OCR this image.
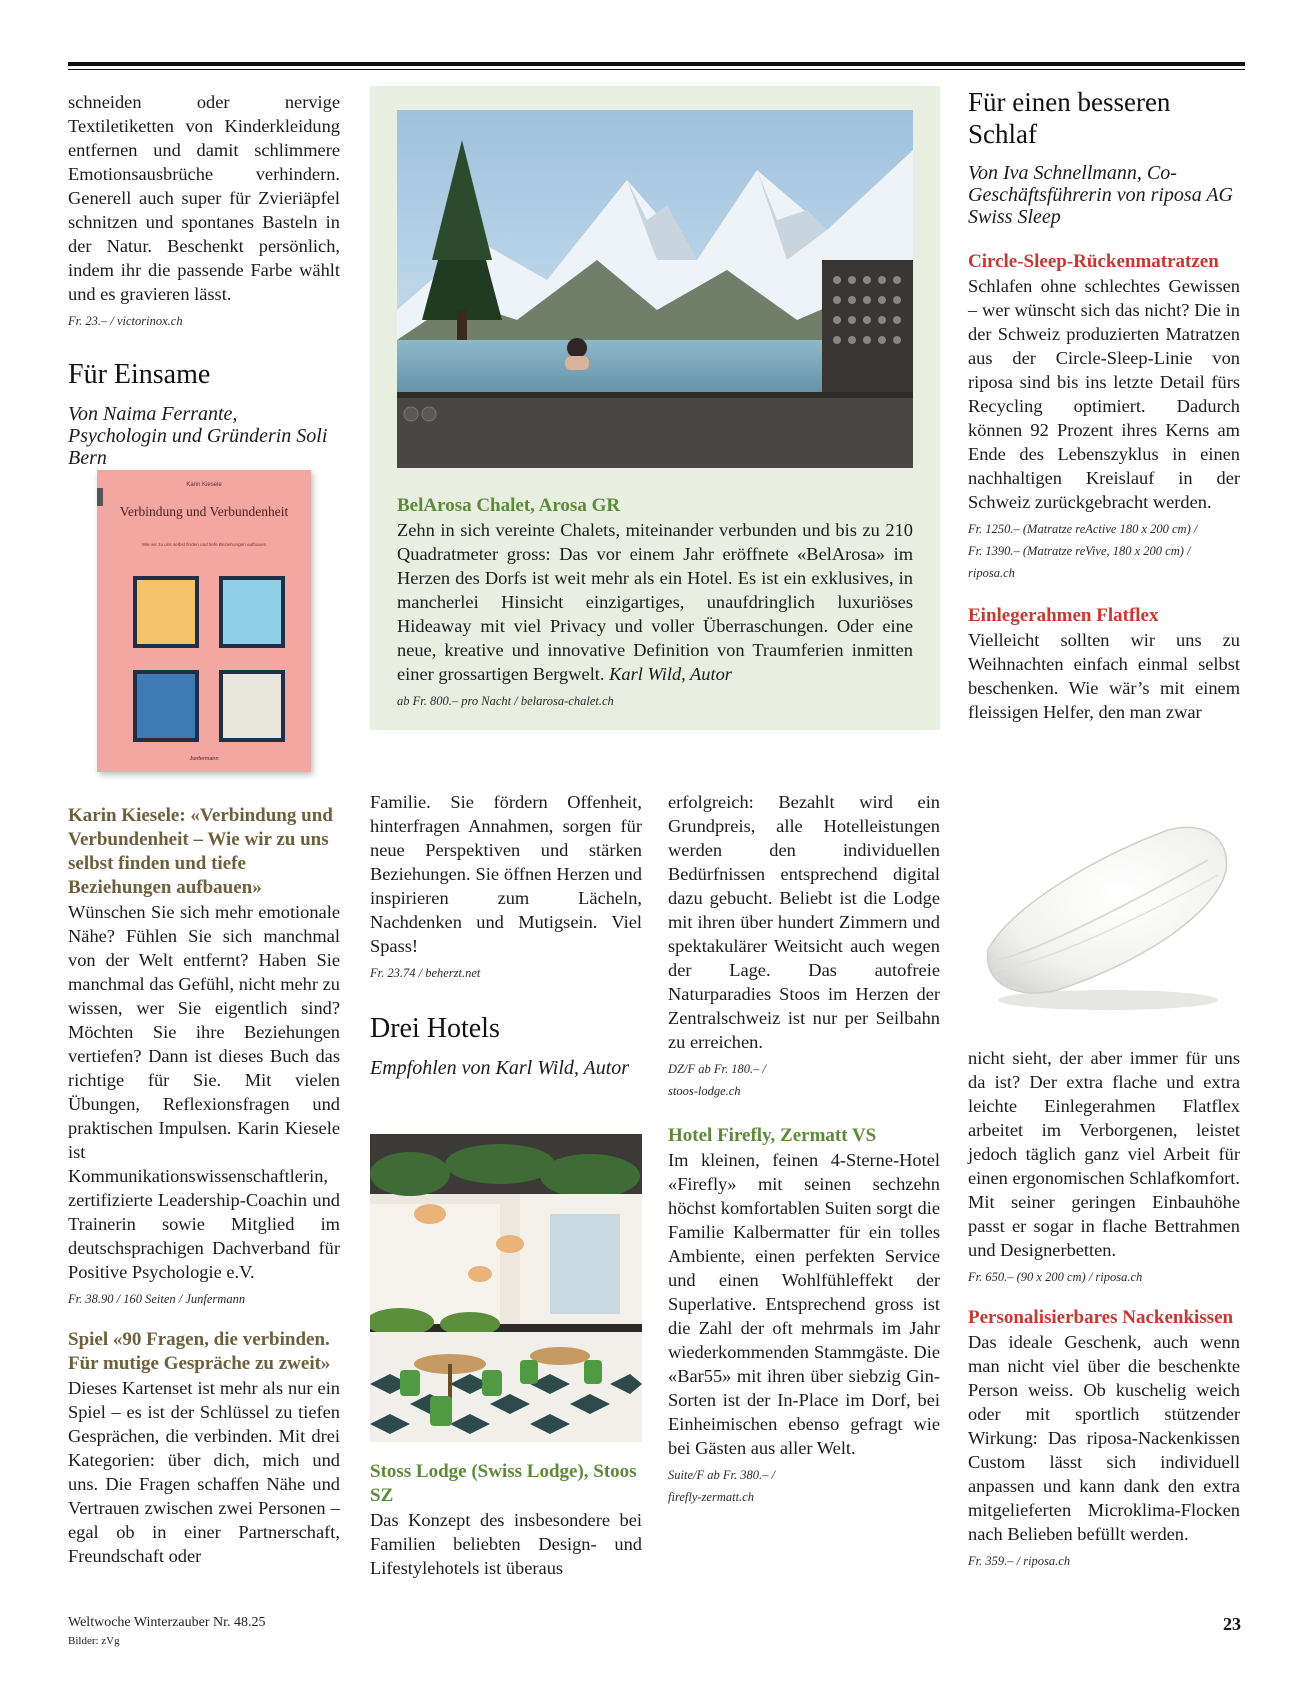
schneiden oder nervige Textiletiketten von Kinderkleidung entfernen und damit schlimmere Emotionsausbrüche verhindern. Generell auch super für Zvieriäpfel schnitzen und spontanes Basteln in der Natur. Beschenkt persönlich, indem ihr die passende Farbe wählt und es gravieren lässt.

Fr. 23.– / victorinox.ch

Für Einsame

Von Naima Ferrante, Psychologin und Gründerin Soli Bern

Karin Kiesele
Verbindung und Verbundenheit
Wie wir zu uns selbst finden und tiefe Beziehungen aufbauen
Junfermann

Karin Kiesele: «Verbindung und Verbundenheit – Wie wir zu uns selbst finden und tiefe Beziehungen aufbauen»

Wünschen Sie sich mehr emotionale Nähe? Fühlen Sie sich manchmal von der Welt entfernt? Haben Sie manchmal das Gefühl, nicht mehr zu wissen, wer Sie eigentlich sind? Möchten Sie ihre Beziehungen vertiefen? Dann ist dieses Buch das richtige für Sie. Mit vielen Übungen, Reflexionsfragen und praktischen Impulsen. Karin Kiesele ist Kommunikationswissenschaftlerin, zertifizierte Leadership-Coachin und Trainerin sowie Mitglied im deutschsprachigen Dachverband für Positive Psychologie e.V.

Fr. 38.90 / 160 Seiten / Junfermann

Spiel «90 Fragen, die verbinden. Für mutige Gespräche zu zweit»

Dieses Kartenset ist mehr als nur ein Spiel – es ist der Schlüssel zu tiefen Gesprächen, die verbinden. Mit drei Kategorien: über dich, mich und uns. Die Fragen schaffen Nähe und Vertrauen zwischen zwei Personen – egal ob in einer Partnerschaft, Freundschaft oder

BelArosa Chalet, Arosa GR

Zehn in sich vereinte Chalets, miteinander verbunden und bis zu 210 Quadratmeter gross: Das vor einem Jahr eröffnete «BelArosa» im Herzen des Dorfs ist weit mehr als ein Hotel. Es ist ein exklusives, in mancherlei Hinsicht einzigartiges, unaufdringlich luxuriöses Hideaway mit viel Privacy und voller Überraschungen. Oder eine neue, kreative und innovative Definition von Traumferien inmitten einer grossartigen Bergwelt. Karl Wild, Autor

ab Fr. 800.– pro Nacht / belarosa-chalet.ch

Familie. Sie fördern Offenheit, hinterfragen Annahmen, sorgen für neue Perspektiven und stärken Beziehungen. Sie öffnen Herzen und inspirieren zum Lächeln, Nachdenken und Mutigsein. Viel Spass!

Fr. 23.74 / beherzt.net

Drei Hotels

Empfohlen von Karl Wild, Autor

Stoss Lodge (Swiss Lodge), Stoos SZ

Das Konzept des insbesondere bei Familien beliebten Design- und Lifestylehotels ist überaus

erfolgreich: Bezahlt wird ein Grundpreis, alle Hotelleistungen werden den individuellen Bedürfnissen entsprechend digital dazu gebucht. Beliebt ist die Lodge mit ihren über hundert Zimmern und spektakulärer Weitsicht auch wegen der Lage. Das autofreie Naturparadies Stoos im Herzen der Zentralschweiz ist nur per Seilbahn zu erreichen.

DZ/F ab Fr. 180.– /

stoos-lodge.ch

Hotel Firefly, Zermatt VS

Im kleinen, feinen 4-Sterne-Hotel «Firefly» mit seinen sechzehn höchst komfortablen Suiten sorgt die Familie Kalbermatter für ein tolles Ambiente, einen perfekten Service und einen Wohlfühleffekt der Superlative. Entsprechend gross ist die Zahl der oft mehrmals im Jahr wiederkommenden Stammgäste. Die «Bar55» mit ihren über siebzig Gin-Sorten ist der In-Place im Dorf, bei Einheimischen ebenso gefragt wie bei Gästen aus aller Welt.

Suite/F ab Fr. 380.– /

firefly-zermatt.ch

Für einen besseren Schlaf

Von Iva Schnellmann, Co-Geschäftsführerin von riposa AG Swiss Sleep

Circle-Sleep-Rückenmatratzen

Schlafen ohne schlechtes Gewissen – wer wünscht sich das nicht? Die in der Schweiz produzierten Matratzen aus der Circle-Sleep-Linie von riposa sind bis ins letzte Detail fürs Recycling optimiert. Dadurch können 92 Prozent ihres Kerns am Ende des Lebenszyklus in einen nachhaltigen Kreislauf in der Schweiz zurückgebracht werden.

Fr. 1250.– (Matratze reActive 180 x 200 cm) /

Fr. 1390.– (Matratze reVive, 180 x 200 cm) /

riposa.ch

Einlegerahmen Flatflex

Vielleicht sollten wir uns zu Weihnachten einfach einmal selbst beschenken. Wie wär’s mit einem fleissigen Helfer, den man zwar

nicht sieht, der aber immer für uns da ist? Der extra flache und extra leichte Einlegerahmen Flatflex arbeitet im Verborgenen, leistet jedoch täglich ganz viel Arbeit für einen ergonomischen Schlafkomfort. Mit seiner geringen Einbauhöhe passt er sogar in flache Bettrahmen und Designerbetten.

Fr. 650.– (90 x 200 cm) / riposa.ch

Personalisierbares Nackenkissen

Das ideale Geschenk, auch wenn man nicht viel über die beschenkte Person weiss. Ob kuschelig weich oder mit sportlich stützender Wirkung: Das riposa-Nackenkissen Custom lässt sich individuell anpassen und kann dank den extra mitgelieferten Microklima-Flocken nach Belieben befüllt werden.

Fr. 359.– / riposa.ch

Weltwoche Winterzauber Nr. 48.25
Bilder: zVg
23
